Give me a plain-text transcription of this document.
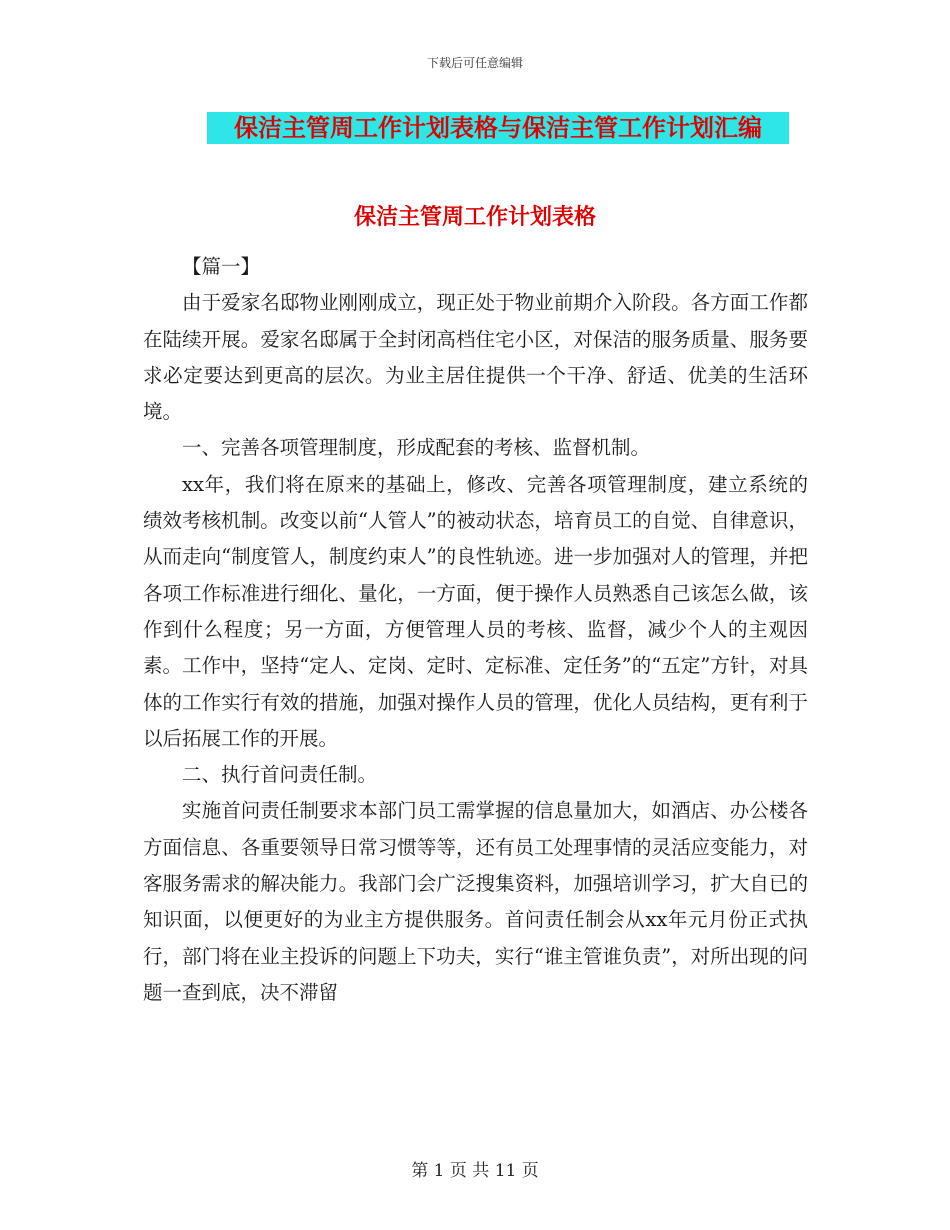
下载后可任意编辑
保洁主管周工作计划表格与保洁主管工作计划汇编
保洁主管周工作计划表格

【篇一】

由于爱家名邸物业刚刚成立，现正处于物业前期介入阶段。各方面工作都在陆续开展。爱家名邸属于全封闭高档住宅小区，对保洁的服务质量、服务要求必定要达到更高的层次。为业主居住提供一个干净、舒适、优美的生活环境。

一、完善各项管理制度，形成配套的考核、监督机制。

xx年，我们将在原来的基础上，修改、完善各项管理制度，建立系统的绩效考核机制。改变以前“人管人”的被动状态，培育员工的自觉、自律意识，从而走向“制度管人，制度约束人”的良性轨迹。进一步加强对人的管理，并把各项工作标准进行细化、量化，一方面，便于操作人员熟悉自己该怎么做，该作到什么程度；另一方面，方便管理人员的考核、监督，减少个人的主观因素。工作中，坚持“定人、定岗、定时、定标准、定任务”的“五定”方针，对具体的工作实行有效的措施，加强对操作人员的管理，优化人员结构，更有利于以后拓展工作的开展。

二、执行首问责任制。

实施首问责任制要求本部门员工需掌握的信息量加大，如酒店、办公楼各方面信息、各重要领导日常习惯等等，还有员工处理事情的灵活应变能力，对客服务需求的解决能力。我部门会广泛搜集资料，加强培训学习，扩大自已的知识面，以便更好的为业主方提供服务。首问责任制会从xx年元月份正式执行，部门将在业主投诉的问题上下功夫，实行“谁主管谁负责”，对所出现的问题一查到底，决不滞留

第 1 页 共 11 页
